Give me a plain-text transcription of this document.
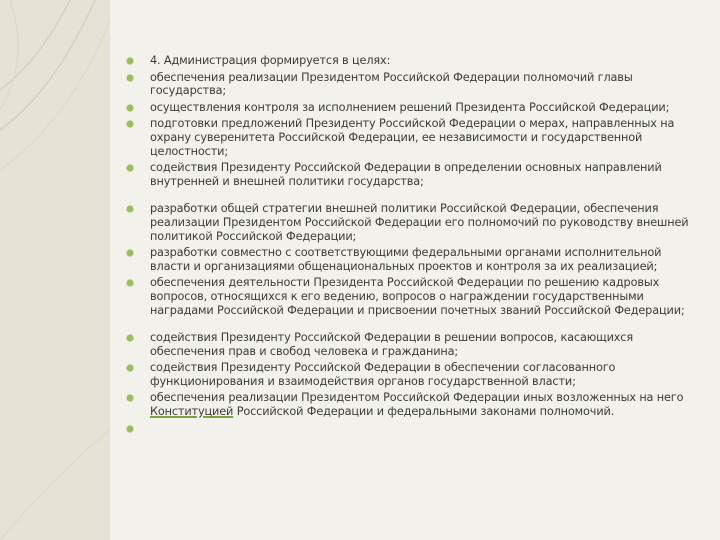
4. Администрация формируется в целях:
обеспечения реализации Президентом Российской Федерации полномочий главы государства;
осуществления контроля за исполнением решений Президента Российской Федерации;
подготовки предложений Президенту Российской Федерации о мерах, направленных на охрану суверенитета Российской Федерации, ее независимости и государственной целостности;
содействия Президенту Российской Федерации в определении основных направлений внутренней и внешней политики государства;
разработки общей стратегии внешней политики Российской Федерации, обеспечения реализации Президентом Российской Федерации его полномочий по руководству внешней политикой Российской Федерации;
разработки совместно с соответствующими федеральными органами исполнительной власти и организациями общенациональных проектов и контроля за их реализацией;
обеспечения деятельности Президента Российской Федерации по решению кадровых вопросов, относящихся к его ведению, вопросов о награждении государственными наградами Российской Федерации и присвоении почетных званий Российской Федерации;
содействия Президенту Российской Федерации в решении вопросов, касающихся обеспечения прав и свобод человека и гражданина;
содействия Президенту Российской Федерации в обеспечении согласованного функционирования и взаимодействия органов государственной власти;
обеспечения реализации Президентом Российской Федерации иных возложенных на него Конституцией Российской Федерации и федеральными законами полномочий.
